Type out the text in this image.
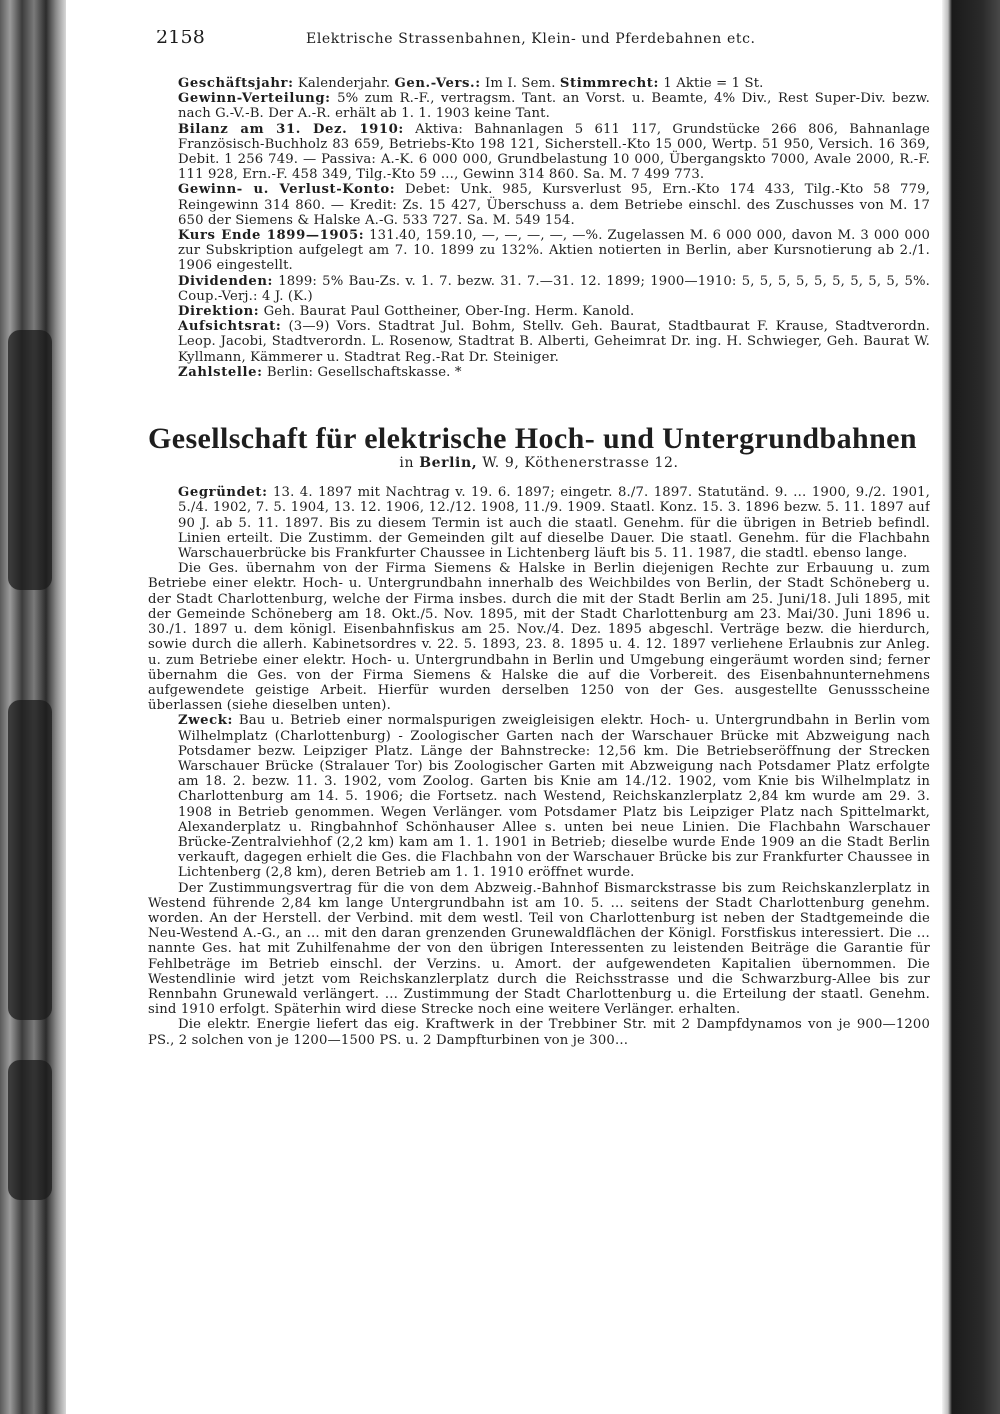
2158	Elektrische Strassenbahnen, Klein- und Pferdebahnen etc.

Geschäftsjahr: Kalenderjahr. Gen.-Vers.: Im I. Sem. Stimmrecht: 1 Aktie = 1 St.

Gewinn-Verteilung: 5% zum R.-F., vertragsm. Tant. an Vorst. u. Beamte, 4% Div., Rest Super-Div. bezw. nach G.-V.-B. Der A.-R. erhält ab 1. 1. 1903 keine Tant.

Bilanz am 31. Dez. 1910: Aktiva: Bahnanlagen 5 611 117, Grundstücke 266 806, Bahnanlage Französisch-Buchholz 83 659, Betriebs-Kto 198 121, Sicherstell.-Kto 15 000, Wertp. 51 950, Versich. 16 369, Debit. 1 256 749. — Passiva: A.-K. 6 000 000, Grundbelastung 10 000, Übergangskto 7000, Avale 2000, R.-F. 111 928, Ern.-F. 458 349, Tilg.-Kto 59 …, Gewinn 314 860. Sa. M. 7 499 773.

Gewinn- u. Verlust-Konto: Debet: Unk. 985, Kursverlust 95, Ern.-Kto 174 433, Tilg.-Kto 58 779, Reingewinn 314 860. — Kredit: Zs. 15 427, Überschuss a. dem Betriebe einschl. des Zuschusses von M. 17 650 der Siemens & Halske A.-G. 533 727. Sa. M. 549 154.

Kurs Ende 1899—1905: 131.40, 159.10, —, —, —, —, —%. Zugelassen M. 6 000 000, davon M. 3 000 000 zur Subskription aufgelegt am 7. 10. 1899 zu 132%. Aktien notierten in Berlin, aber Kursnotierung ab 2./1. 1906 eingestellt.

Dividenden: 1899: 5% Bau-Zs. v. 1. 7. bezw. 31. 7.—31. 12. 1899; 1900—1910: 5, 5, 5, 5, 5, 5, 5, 5, 5, 5%. Coup.-Verj.: 4 J. (K.)

Direktion: Geh. Baurat Paul Gottheiner, Ober-Ing. Herm. Kanold.

Aufsichtsrat: (3—9) Vors. Stadtrat Jul. Bohm, Stellv. Geh. Baurat, Stadtbaurat F. Krause, Stadtverordn. Leop. Jacobi, Stadtverordn. L. Rosenow, Stadtrat B. Alberti, Geheimrat Dr. ing. H. Schwieger, Geh. Baurat W. Kyllmann, Kämmerer u. Stadtrat Reg.-Rat Dr. Steiniger.

Zahlstelle: Berlin: Gesellschaftskasse. *

Gesellschaft für elektrische Hoch- und Untergrundbahnen
in Berlin, W. 9, Köthenerstrasse 12.

Gegründet: 13. 4. 1897 mit Nachtrag v. 19. 6. 1897; eingetr. 8./7. 1897. Statutänd. 9. … 1900, 9./2. 1901, 5./4. 1902, 7. 5. 1904, 13. 12. 1906, 12./12. 1908, 11./9. 1909. Staatl. Konz. 15. 3. 1896 bezw. 5. 11. 1897 auf 90 J. ab 5. 11. 1897. Bis zu diesem Termin ist auch die staatl. Genehm. für die übrigen in Betrieb befindl. Linien erteilt. Die Zustimm. der Gemeinden gilt auf dieselbe Dauer. Die staatl. Genehm. für die Flachbahn Warschauerbrücke bis Frankfurter Chaussee in Lichtenberg läuft bis 5. 11. 1987, die stadtl. ebenso lange.

Die Ges. übernahm von der Firma Siemens & Halske in Berlin diejenigen Rechte zur Erbauung u. zum Betriebe einer elektr. Hoch- u. Untergrundbahn innerhalb des Weichbildes von Berlin, der Stadt Schöneberg u. der Stadt Charlottenburg, welche der Firma insbes. durch die mit der Stadt Berlin am 25. Juni/18. Juli 1895, mit der Gemeinde Schöneberg am 18. Okt./5. Nov. 1895, mit der Stadt Charlottenburg am 23. Mai/30. Juni 1896 u. 30./1. 1897 u. dem königl. Eisenbahnfiskus am 25. Nov./4. Dez. 1895 abgeschl. Verträge bezw. die hierdurch, sowie durch die allerh. Kabinetsordres v. 22. 5. 1893, 23. 8. 1895 u. 4. 12. 1897 verliehene Erlaubnis zur Anleg. u. zum Betriebe einer elektr. Hoch- u. Untergrundbahn in Berlin und Umgebung eingeräumt worden sind; ferner übernahm die Ges. von der Firma Siemens & Halske die auf die Vorbereit. des Eisenbahnunternehmens aufgewendete geistige Arbeit. Hierfür wurden derselben 1250 von der Ges. ausgestellte Genussscheine überlassen (siehe dieselben unten).

Zweck: Bau u. Betrieb einer normalspurigen zweigleisigen elektr. Hoch- u. Untergrundbahn in Berlin vom Wilhelmplatz (Charlottenburg) - Zoologischer Garten nach der Warschauer Brücke mit Abzweigung nach Potsdamer bezw. Leipziger Platz. Länge der Bahnstrecke: 12,56 km. Die Betriebseröffnung der Strecken Warschauer Brücke (Stralauer Tor) bis Zoologischer Garten mit Abzweigung nach Potsdamer Platz erfolgte am 18. 2. bezw. 11. 3. 1902, vom Zoolog. Garten bis Knie am 14./12. 1902, vom Knie bis Wilhelmplatz in Charlottenburg am 14. 5. 1906; die Fortsetz. nach Westend, Reichskanzlerplatz 2,84 km wurde am 29. 3. 1908 in Betrieb genommen. Wegen Verlänger. vom Potsdamer Platz bis Leipziger Platz nach Spittelmarkt, Alexanderplatz u. Ringbahnhof Schönhauser Allee s. unten bei neue Linien. Die Flachbahn Warschauer Brücke-Zentralviehhof (2,2 km) kam am 1. 1. 1901 in Betrieb; dieselbe wurde Ende 1909 an die Stadt Berlin verkauft, dagegen erhielt die Ges. die Flachbahn von der Warschauer Brücke bis zur Frankfurter Chaussee in Lichtenberg (2,8 km), deren Betrieb am 1. 1. 1910 eröffnet wurde.

Der Zustimmungsvertrag für die von dem Abzweig.-Bahnhof Bismarckstrasse bis zum Reichskanzlerplatz in Westend führende 2,84 km lange Untergrundbahn ist am 10. 5. … seitens der Stadt Charlottenburg genehm. worden. An der Herstell. der Verbind. mit dem westl. Teil von Charlottenburg ist neben der Stadtgemeinde die Neu-Westend A.-G., an … mit den daran grenzenden Grunewaldflächen der Königl. Forstfiskus interessiert. Die … nannte Ges. hat mit Zuhilfenahme der von den übrigen Interessenten zu leistenden Beiträge die Garantie für Fehlbeträge im Betrieb einschl. der Verzins. u. Amort. der aufgewendeten Kapitalien übernommen. Die Westendlinie wird jetzt vom Reichskanzlerplatz durch die Reichsstrasse und die Schwarzburg-Allee bis zur Rennbahn Grunewald verlängert. … Zustimmung der Stadt Charlottenburg u. die Erteilung der staatl. Genehm. sind 1910 erfolgt. Späterhin wird diese Strecke noch eine weitere Verlänger. erhalten.

Die elektr. Energie liefert das eig. Kraftwerk in der Trebbiner Str. mit 2 Dampfdynamos von je 900—1200 PS., 2 solchen von je 1200—1500 PS. u. 2 Dampfturbinen von je 300…
